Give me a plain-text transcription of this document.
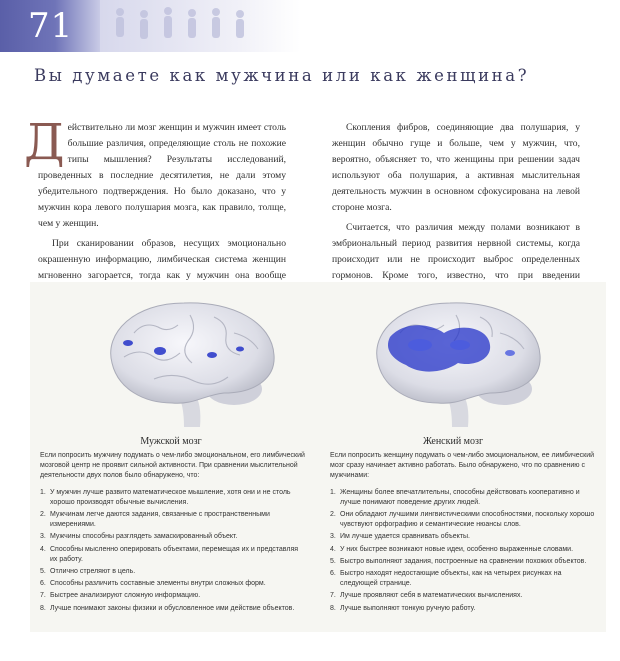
71
Вы думаете как мужчина или как женщина?

Действительно ли мозг женщин и мужчин имеет столь большие различия, определяющие столь не похожие типы мышления? Результаты исследований, проведенных в последние десятилетия, не дали этому убедительного подтверждения. Но было доказано, что у мужчин кора левого полушария мозга, как правило, толще, чем у женщин.

При сканировании образов, несущих эмоционально окрашенную информацию, лимбическая система женщин мгновенно загорается, тогда как у мужчин она вообще

Скопления фибров, соединяющие два полушария, у женщин обычно гуще и больше, чем у мужчин, что, вероятно, объясняет то, что женщины при решении задач используют оба полушария, а активная мыслительная деятельность мужчин в основном сфокусирована на левой стороне мозга.

Считается, что различия между полами возникают в эмбриональный период развития нервной системы, когда происходит или не происходит выброс определенных гормонов. Кроме того, известно, что при введении

Мужской мозг	Женский мозг

Если попросить мужчину подумать о чем-либо эмоциональном, его лимбический мозговой центр не проявит сильной активности. При сравнении мыслительной деятельности двух полов было обнаружено, что:

1. У мужчин лучше развито математическое мышление, хотя они и не столь хорошо производят обычные вычисления.
2. Мужчинам легче даются задания, связанные с пространственными измерениями.
3. Мужчины способны разглядеть замаскированный объект.
4. Способны мысленно оперировать объектами, перемещая их и представляя их работу.
5. Отлично стреляют в цель.
6. Способны различить составные элементы внутри сложных форм.
7. Быстрее анализируют сложную информацию.
8. Лучше понимают законы физики и обусловленное ими действие объектов.

Если попросить женщину подумать о чем-либо эмоциональном, ее лимбический мозг сразу начинает активно работать. Было обнаружено, что по сравнению с мужчинами:

1. Женщины более впечатлительны, способны действовать кооперативно и лучше понимают поведение других людей.
2. Они обладают лучшими лингвистическими способностями, поскольку хорошо чувствуют орфографию и семантические нюансы слов.
3. Им лучше удается сравнивать объекты.
4. У них быстрее возникают новые идеи, особенно выраженные словами.
5. Быстро выполняют задания, построенные на сравнении похожих объектов.
6. Быстро находят недостающие объекты, как на четырех рисунках на следующей странице.
7. Лучше проявляют себя в математических вычислениях.
8. Лучше выполняют тонкую ручную работу.
